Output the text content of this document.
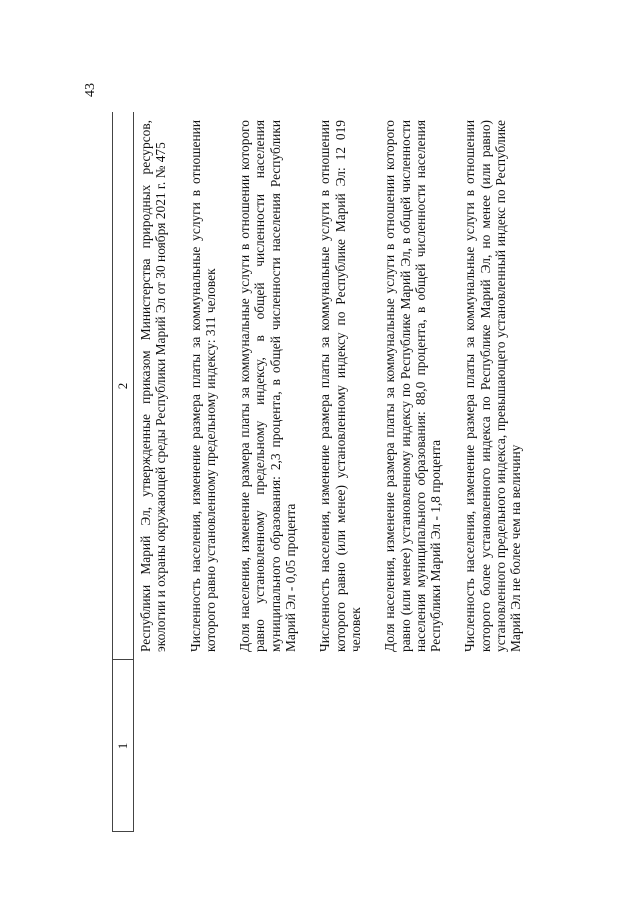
43
1
2 Республики Марий Эл, утвержденные приказом Министерства природных ресурсов, экологии и охраны окружающей среды Республики Марий Эл от 30 ноября 2021 г. № 475 Численность населения, изменение размера платы за коммунальные услуги в отношении которого равно установленному предельному индексу: 311 человек Доля населения, изменение размера платы за коммунальные услуги в отношении которого равно установленному предельному индексу, в общей численности населения муниципального образования: 2,3 процента, в общей численности населения Республики Марий Эл - 0,05 процента Численность населения, изменение размера платы за коммунальные услуги в отношении которого равно (или менее) установленному индексу по Республике Марий Эл: 12 019 человек Доля населения, изменение размера платы за коммунальные услуги в отношении которого равно (или менее) установленному индексу по Республике Марий Эл, в общей численности населения муниципального образования: 88,0 процента, в общей численности населения Республики Марий Эл - 1,8 процента Численность населения, изменение размера платы за коммунальные услуги в отношении которого более установленного индекса по Республике Марий Эл, но менее (или равно) установленного предельного индекса, превышающего установленный индекс по Республике Марий Эл не более чем на величину
